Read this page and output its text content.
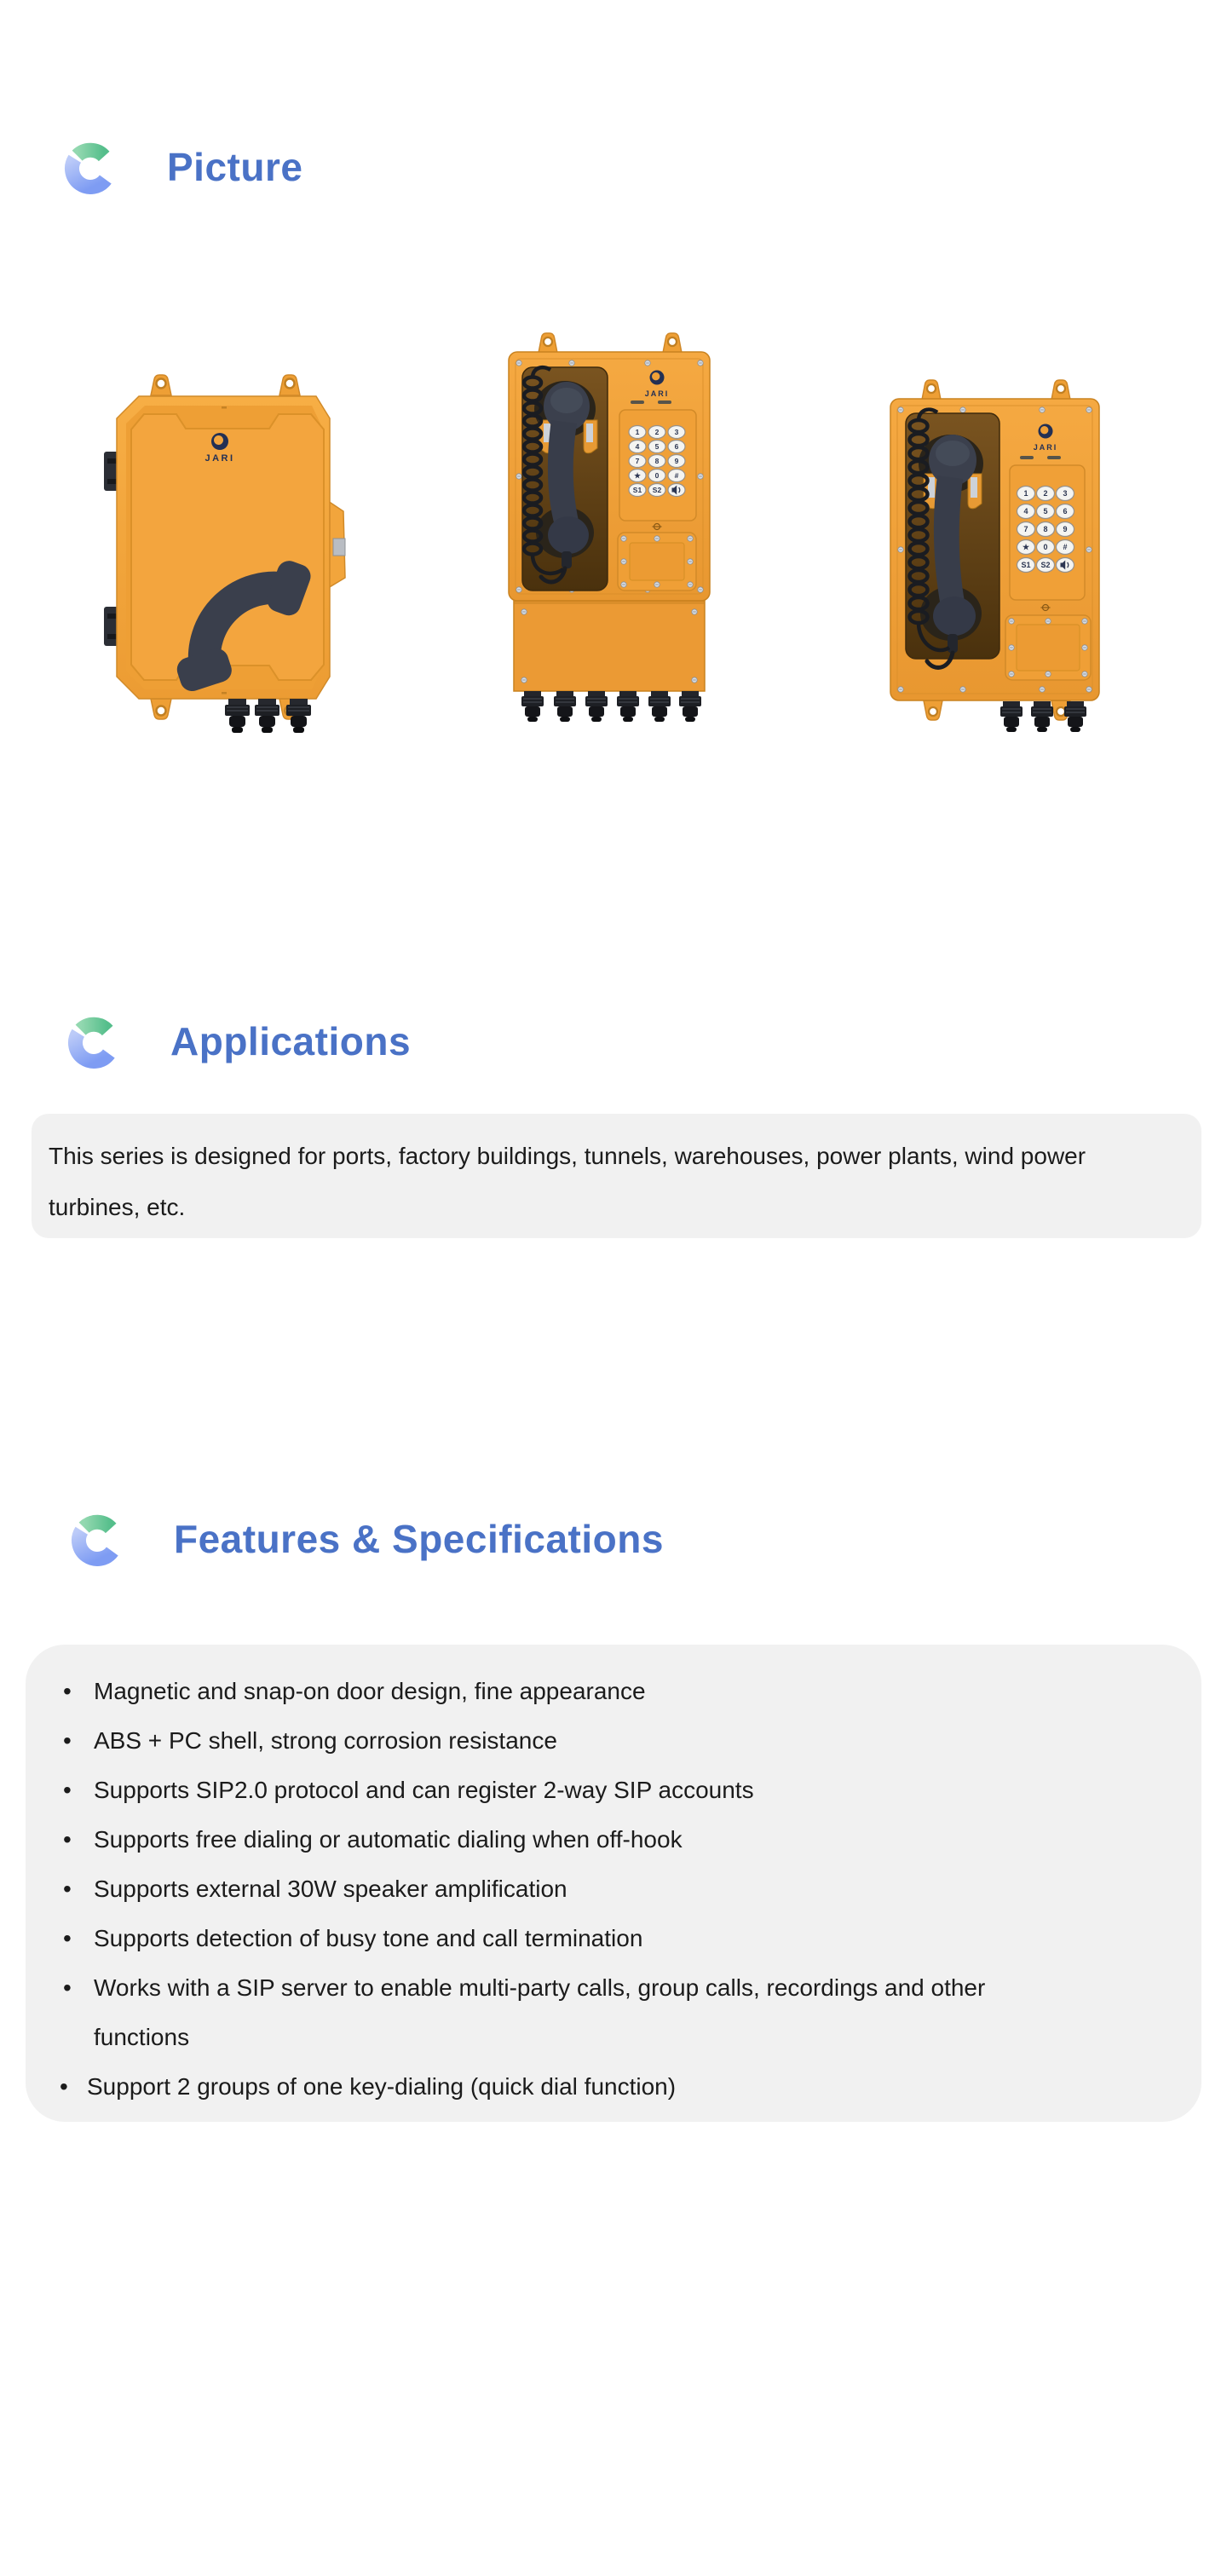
Picture
JARI
JARI
1 2 3
4 5 6
7 8 9
★ 0 #
S1 S2
JARI
1 2 3
4 5 6
7 8 9
★ 0 #
S1 S2
Applications
This series is designed for ports, factory buildings, tunnels, warehouses, power plants, wind power turbines, etc.
Features & Specifications
• Magnetic and snap-on door design, fine appearance
• ABS + PC shell, strong corrosion resistance
• Supports SIP2.0 protocol and can register 2-way SIP accounts
• Supports free dialing or automatic dialing when off-hook
• Supports external 30W speaker amplification
• Supports detection of busy tone and call termination
• Works with a SIP server to enable multi-party calls, group calls, recordings and other functions
• Support 2 groups of one key-dialing (quick dial function)
